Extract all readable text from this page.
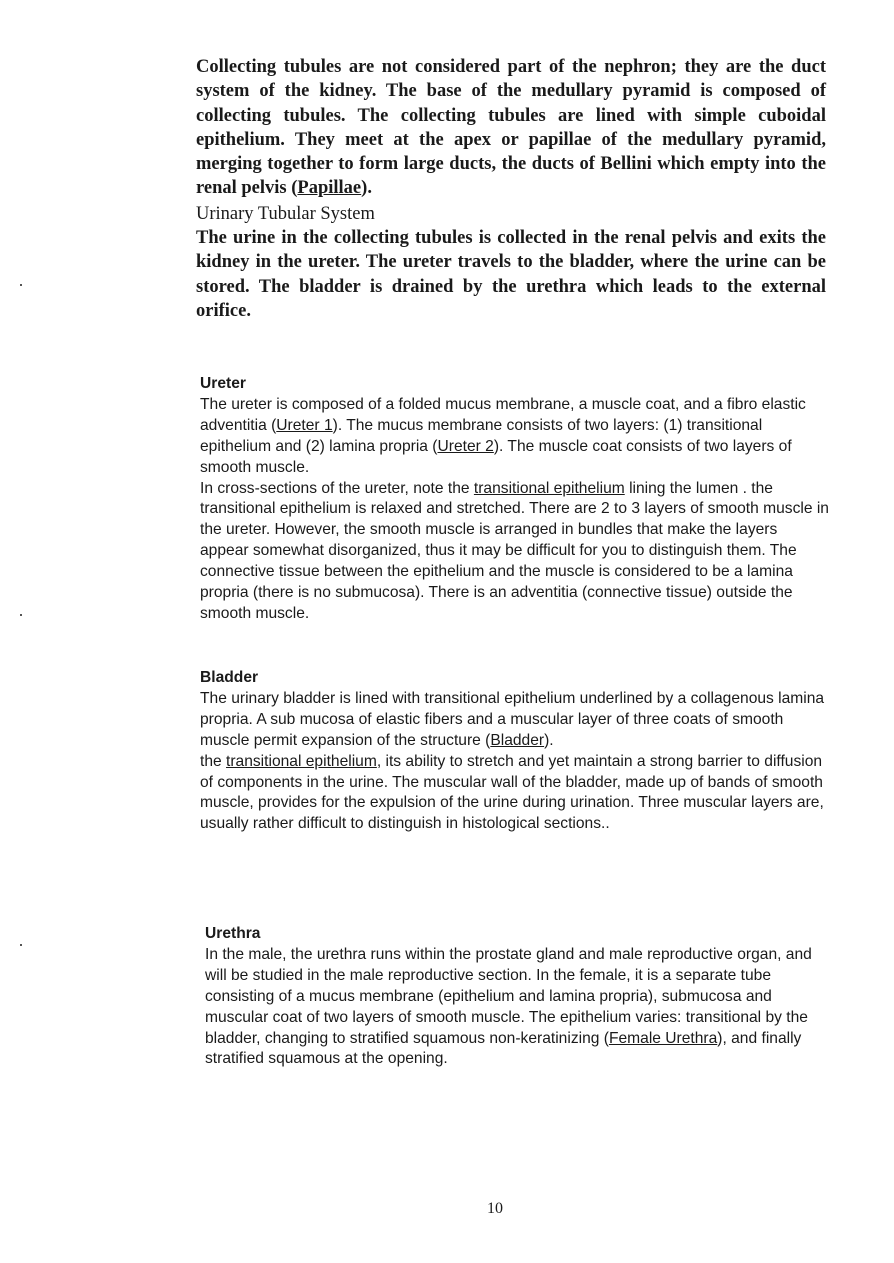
Collecting tubules are not considered part of the nephron; they are the duct system of the kidney. The base of the medullary pyramid is composed of collecting tubules. The collecting tubules are lined with simple cuboidal epithelium. They meet at the apex or papillae of the medullary pyramid, merging together to form large ducts, the ducts of Bellini which empty into the renal pelvis (Papillae).

Urinary Tubular System

The urine in the collecting tubules is collected in the renal pelvis and exits the kidney in the ureter. The ureter travels to the bladder, where the urine can be stored. The bladder is drained by the urethra which leads to the external orifice.

Ureter

The ureter is composed of a folded mucus membrane, a muscle coat, and a fibro elastic adventitia (Ureter 1). The mucus membrane consists of two layers: (1) transitional epithelium and (2) lamina propria (Ureter 2). The muscle coat consists of two layers of smooth muscle.

In cross-sections of the ureter, note the transitional epithelium lining the lumen . the transitional epithelium is relaxed and stretched. There are 2 to 3 layers of smooth muscle in the ureter. However, the smooth muscle is arranged in bundles that make the layers appear somewhat disorganized, thus it may be difficult for you to distinguish them. The connective tissue between the epithelium and the muscle is considered to be a lamina propria (there is no submucosa). There is an adventitia (connective tissue) outside the smooth muscle.

Bladder

The urinary bladder is lined with transitional epithelium underlined by a collagenous lamina propria. A sub mucosa of elastic fibers and a muscular layer of three coats of smooth muscle permit expansion of the structure (Bladder).

the transitional epithelium, its ability to stretch and yet maintain a strong barrier to diffusion of components in the urine. The muscular wall of the bladder, made up of bands of smooth muscle, provides for the expulsion of the urine during urination. Three muscular layers are, usually rather difficult to distinguish in histological sections..

Urethra

In the male, the urethra runs within the prostate gland and male reproductive organ, and will be studied in the male reproductive section. In the female, it is a separate tube consisting of a mucus membrane (epithelium and lamina propria), submucosa and muscular coat of two layers of smooth muscle. The epithelium varies: transitional by the bladder, changing to stratified squamous non-keratinizing (Female Urethra), and finally stratified squamous at the opening.

10
